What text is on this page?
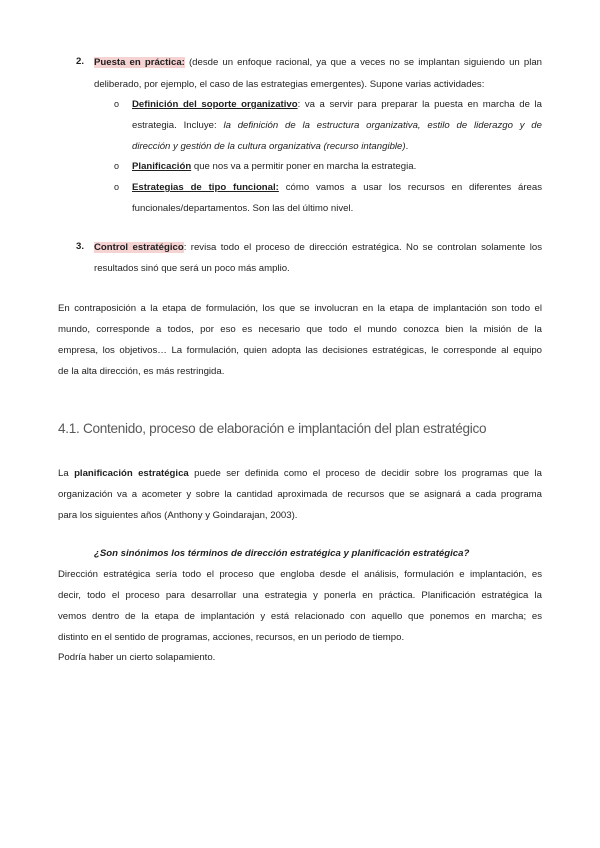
2. Puesta en práctica: (desde un enfoque racional, ya que a veces no se implantan siguiendo un plan
deliberado, por ejemplo, el caso de las estrategias emergentes). Supone varias actividades:
o Definición del soporte organizativo: va a servir para preparar la puesta en marcha de la
estrategia. Incluye: la definición de la estructura organizativa, estilo de liderazgo y de
dirección y gestión de la cultura organizativa (recurso intangible).
o Planificación que nos va a permitir poner en marcha la estrategia.
o Estrategias de tipo funcional: cómo vamos a usar los recursos en diferentes áreas
funcionales/departamentos. Son las del último nivel.
3. Control estratégico: revisa todo el proceso de dirección estratégica. No se controlan solamente los
resultados sinó que será un poco más amplio.
En contraposición a la etapa de formulación, los que se involucran en la etapa de implantación son todo el
mundo, corresponde a todos, por eso es necesario que todo el mundo conozca bien la misión de la
empresa, los objetivos… La formulación, quien adopta las decisiones estratégicas, le corresponde al equipo
de la alta dirección, es más restringida.
4.1. Contenido, proceso de elaboración e implantación del plan estratégico
La planificación estratégica puede ser definida como el proceso de decidir sobre los programas que la
organización va a acometer y sobre la cantidad aproximada de recursos que se asignará a cada programa
para los siguientes años (Anthony y Goindarajan, 2003).
¿Son sinónimos los términos de dirección estratégica y planificación estratégica?
Dirección estratégica sería todo el proceso que engloba desde el análisis, formulación e implantación, es
decir, todo el proceso para desarrollar una estrategia y ponerla en práctica. Planificación estratégica la
vemos dentro de la etapa de implantación y está relacionado con aquello que ponemos en marcha; es
distinto en el sentido de programas, acciones, recursos, en un periodo de tiempo.
Podría haber un cierto solapamiento.
